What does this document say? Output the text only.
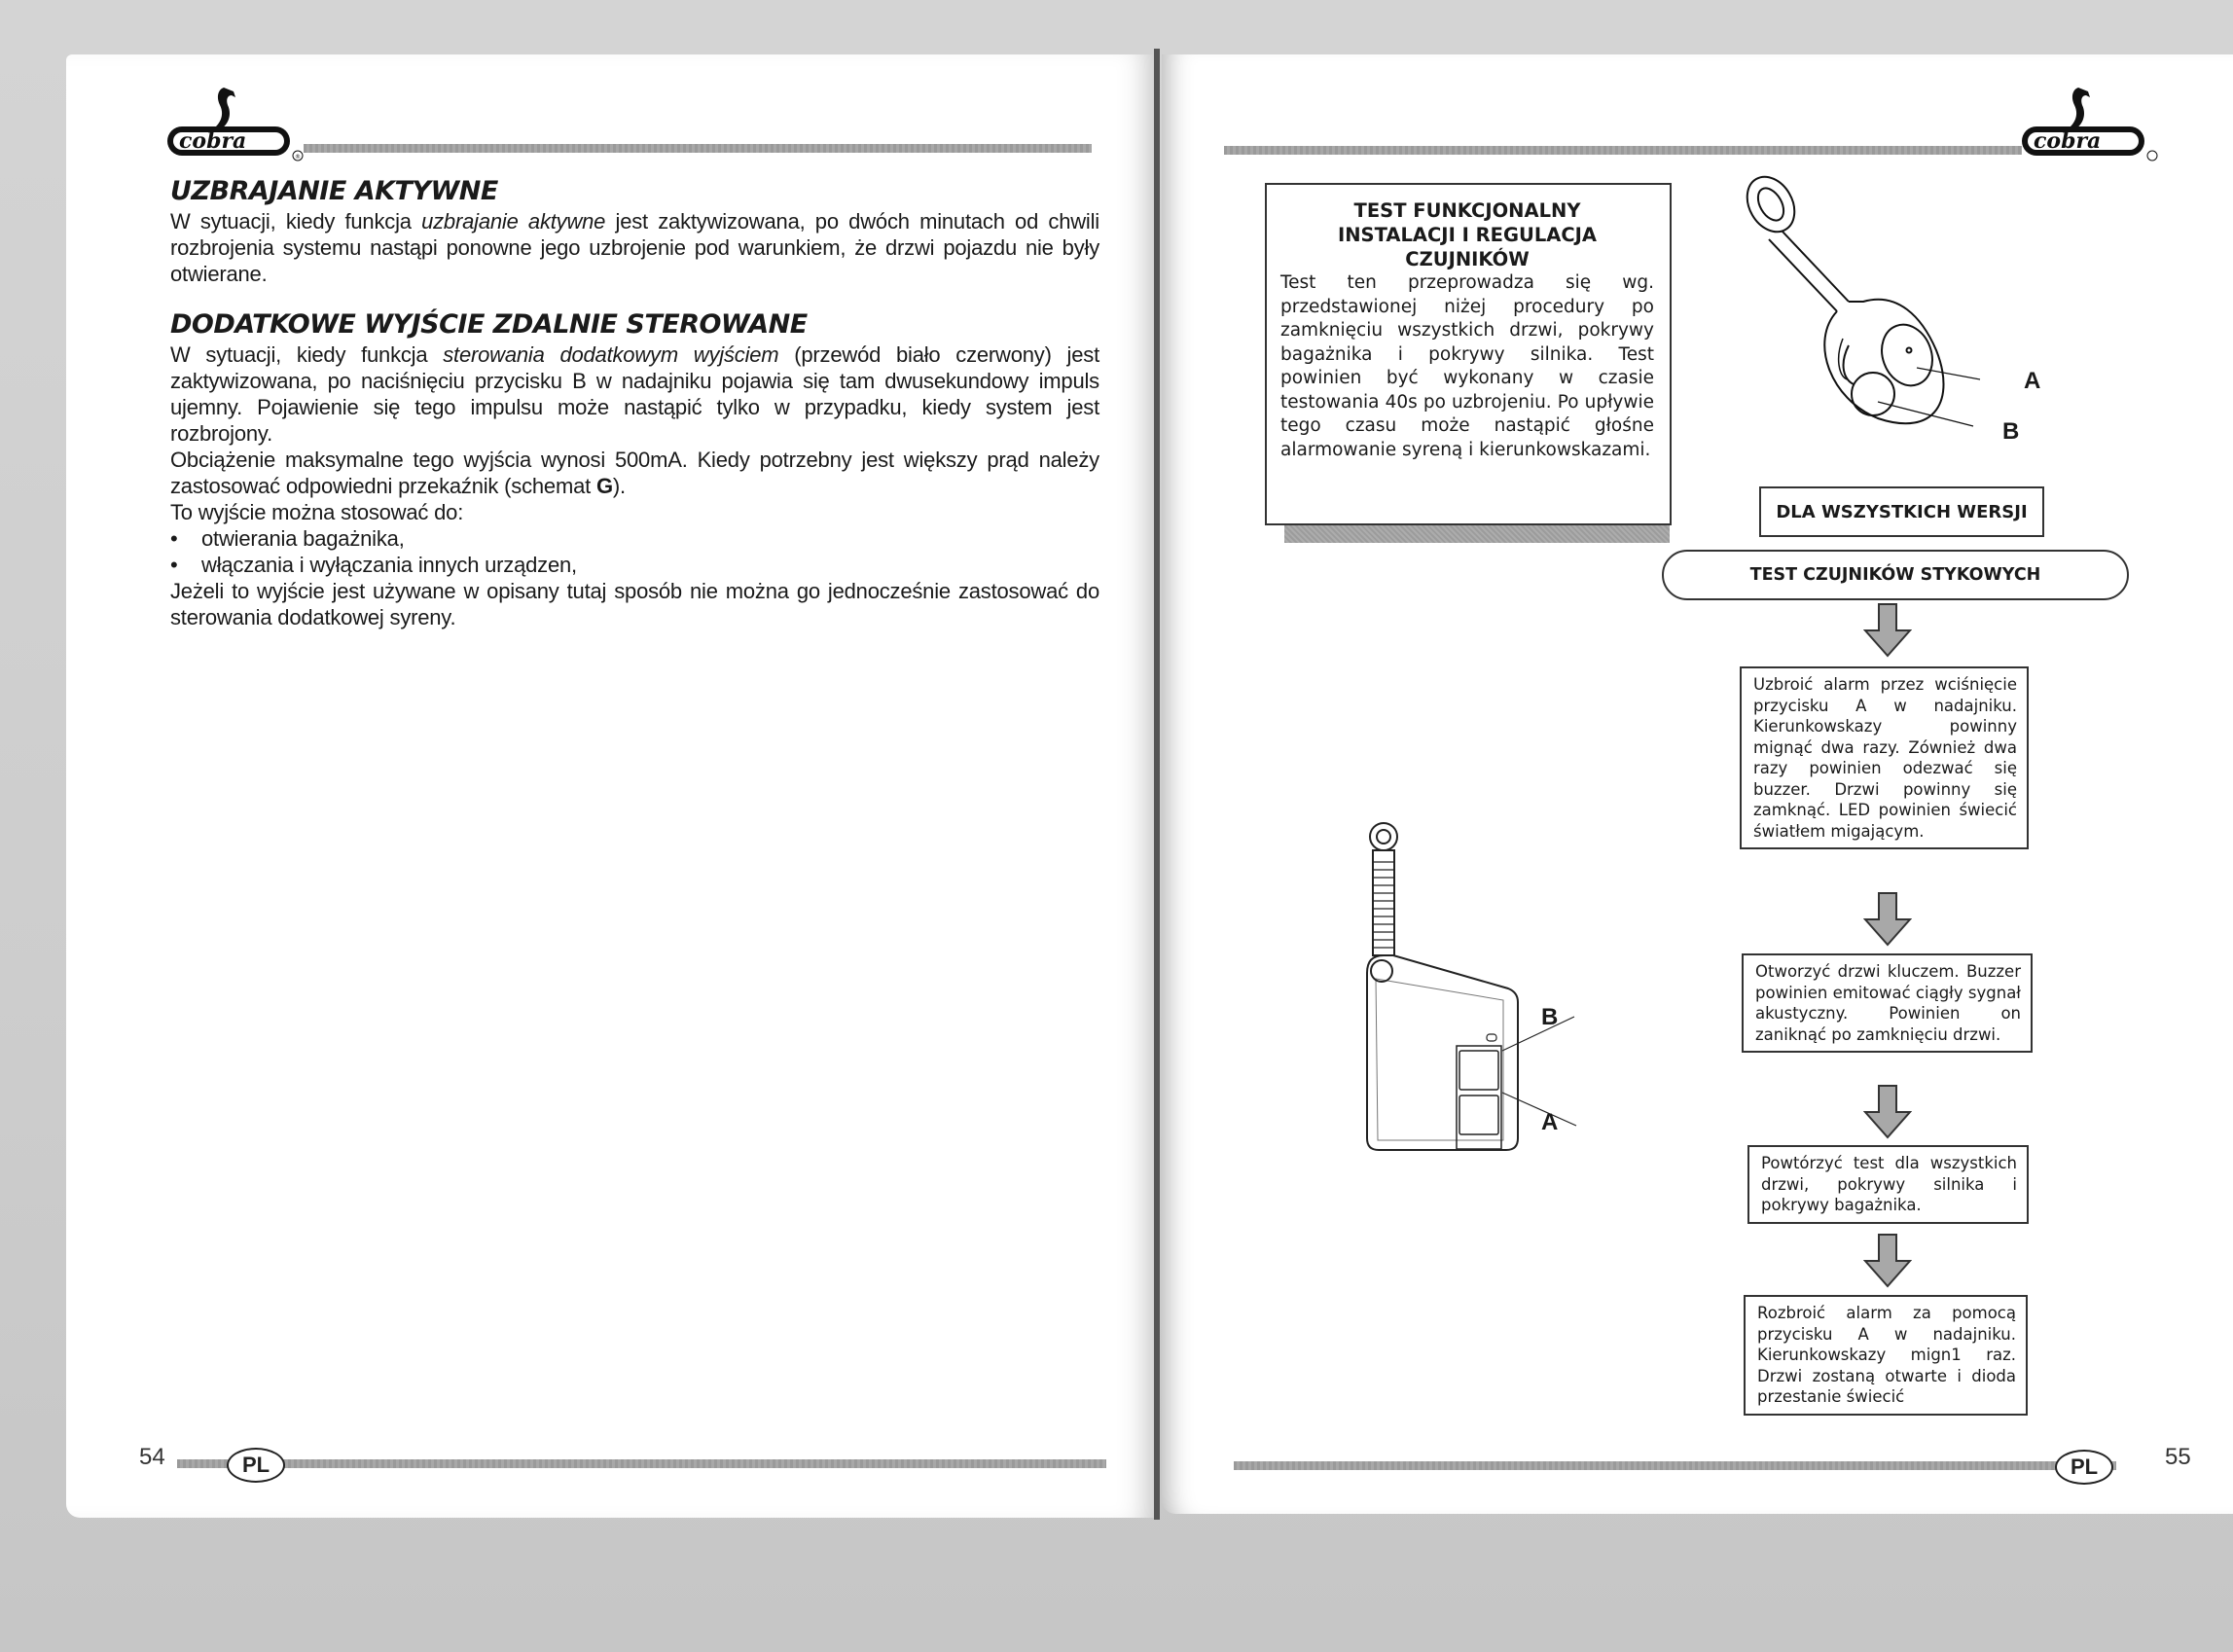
cobra
®
UZBRAJANIE AKTYWNE

W sytuacji, kiedy funkcja uzbrajanie aktywne jest zaktywizowana, po dwóch minutach od chwili rozbrojenia systemu nastąpi ponowne jego uzbrojenie pod warunkiem, że drzwi pojazdu nie były otwierane.

DODATKOWE WYJŚCIE ZDALNIE STEROWANE

W sytuacji, kiedy funkcja sterowania dodatkowym wyjściem (przewód biało czerwony) jest zaktywizowana, po naciśnięciu przycisku B w nadajniku pojawia się tam dwusekundowy impuls ujemny. Pojawienie się tego impulsu może nastąpić tylko w przypadku, kiedy system jest rozbrojony.

Obciążenie maksymalne tego wyjścia wynosi 500mA. Kiedy potrzebny jest większy prąd należy zastosować odpowiedni przekaźnik (schemat G).

To wyjście można stosować do:

•	otwierania bagażnika,
•	włączania i wyłączania innych urządzen,

Jeżeli to wyjście jest używane w opisany tutaj sposób nie można go jednocześnie zastosować do sterowania dodatkowej syreny.

54	PL
cobra
TEST FUNKCJONALNY
INSTALACJI I REGULACJA
CZUJNIKÓW
Test ten przeprowadza się wg. przedstawionej niżej procedury po zamknięciu wszystkich drzwi, pokrywy bagażnika i pokrywy silnika. Test powinien być wykonany w czasie testowania 40s po uzbrojeniu. Po upływie tego czasu może nastąpić głośne alarmowanie syreną i kierunkowskazami.
A
B
DLA WSZYSTKICH WERSJI
TEST CZUJNIKÓW STYKOWYCH
Uzbroić alarm przez wciśnięcie przycisku A w nadajniku. Kierunkowskazy powinny mignąć dwa razy. Zównież dwa razy powinien odezwać się buzzer. Drzwi powinny się zamknąć. LED powinien świecić światłem migającym.
Otworzyć drzwi kluczem. Buzzer powinien emitować ciągły sygnał akustyczny. Powinien on zaniknąć po zamknięciu drzwi.
Powtórzyć test dla wszystkich drzwi, pokrywy silnika i pokrywy bagażnika.
Rozbroić alarm za pomocą przycisku A w nadajniku. Kierunkowskazy mign1 raz. Drzwi zostaną otwarte i dioda przestanie świecić
B
A
PL	55
